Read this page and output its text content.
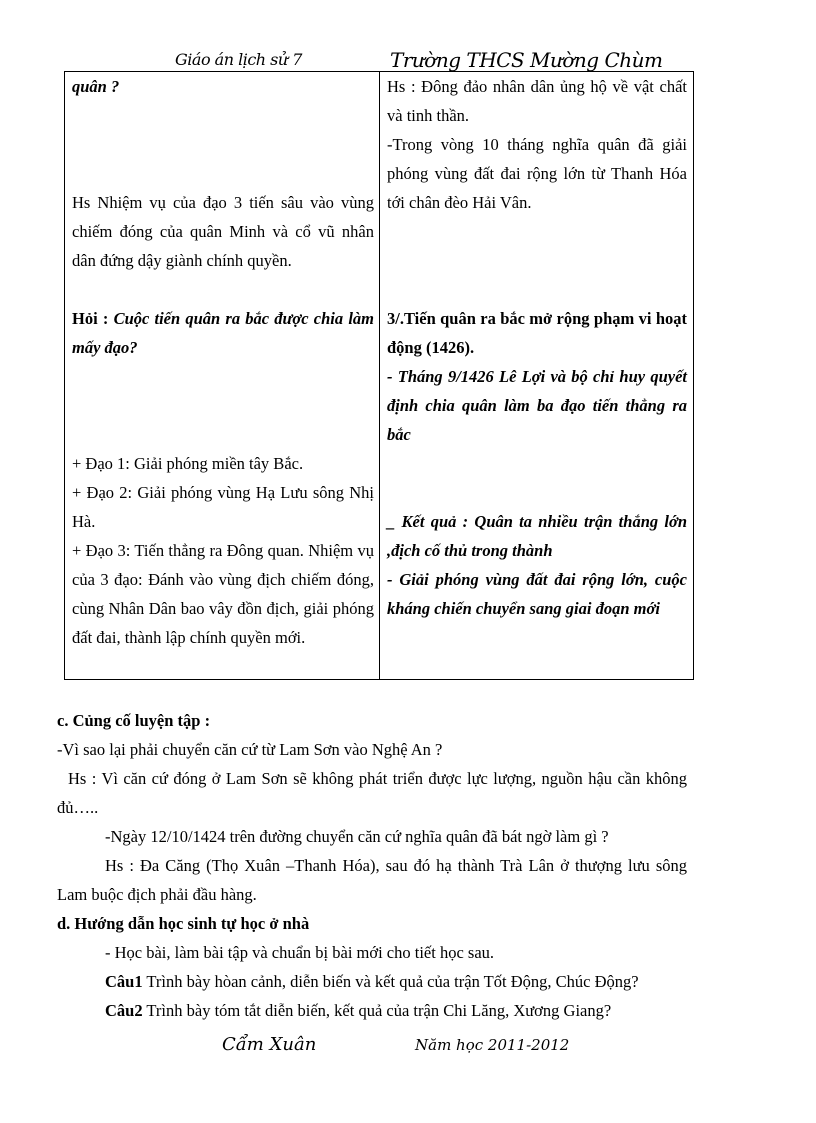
Giáo án lịch sử 7	Trường THCS Mường Chùm
quân ?
Hs Nhiệm vụ của đạo 3 tiến sâu vào vùng chiếm đóng của quân Minh và cổ vũ nhân dân đứng dậy giành chính quyền.
Hỏi : Cuộc tiến quân ra bắc được chia làm mấy đạo?
+ Đạo 1: Giải phóng miền tây Bắc.
+ Đạo 2: Giải phóng vùng Hạ Lưu sông Nhị Hà.
+ Đạo 3: Tiến thẳng ra Đông quan. Nhiệm vụ của 3 đạo: Đánh vào vùng địch chiếm đóng, cùng Nhân Dân bao vây đồn địch, giải phóng đất đai, thành lập chính quyền mới.

Hs : Đông đảo nhân dân ủng hộ về vật chất và tinh thần.
-Trong vòng 10 tháng nghĩa quân đã giải phóng vùng đất đai rộng lớn từ Thanh Hóa tới chân đèo Hải Vân.
3/.Tiến quân ra bắc mở rộng phạm vi hoạt động (1426).
- Tháng 9/1426 Lê Lợi và bộ chỉ huy quyết định chia quân làm ba đạo tiến thẳng ra bắc
_ Kết quả : Quân ta nhiều trận thắng lớn ,địch cố thủ trong thành
- Giải phóng vùng đất đai rộng lớn, cuộc kháng chiến chuyển sang giai đoạn mới
c. Củng cố luyện tập :
-Vì sao lại phải chuyển căn cứ từ Lam Sơn vào Nghệ An ?
Hs : Vì căn cứ đóng ở Lam Sơn sẽ không phát triển được lực lượng, nguồn hậu cần không đủ…..
-Ngày 12/10/1424 trên đường chuyển căn cứ nghĩa quân đã bát ngờ làm gì ?
Hs : Đa Căng (Thọ Xuân –Thanh Hóa), sau đó hạ thành Trà Lân ở thượng lưu sông Lam buộc địch phải đầu hàng.
d. Hướng dẫn học sinh tự học ở nhà
- Học bài, làm bài tập và chuẩn bị bài mới cho tiết học sau.
Câu1 Trình bày hòan cảnh, diễn biến và kết quả của trận Tốt Động, Chúc Động?
Câu2 Trình bày tóm tắt diễn biến, kết quả của trận Chi Lăng, Xương Giang?
Cẩm Xuân	Năm học 2011-2012
